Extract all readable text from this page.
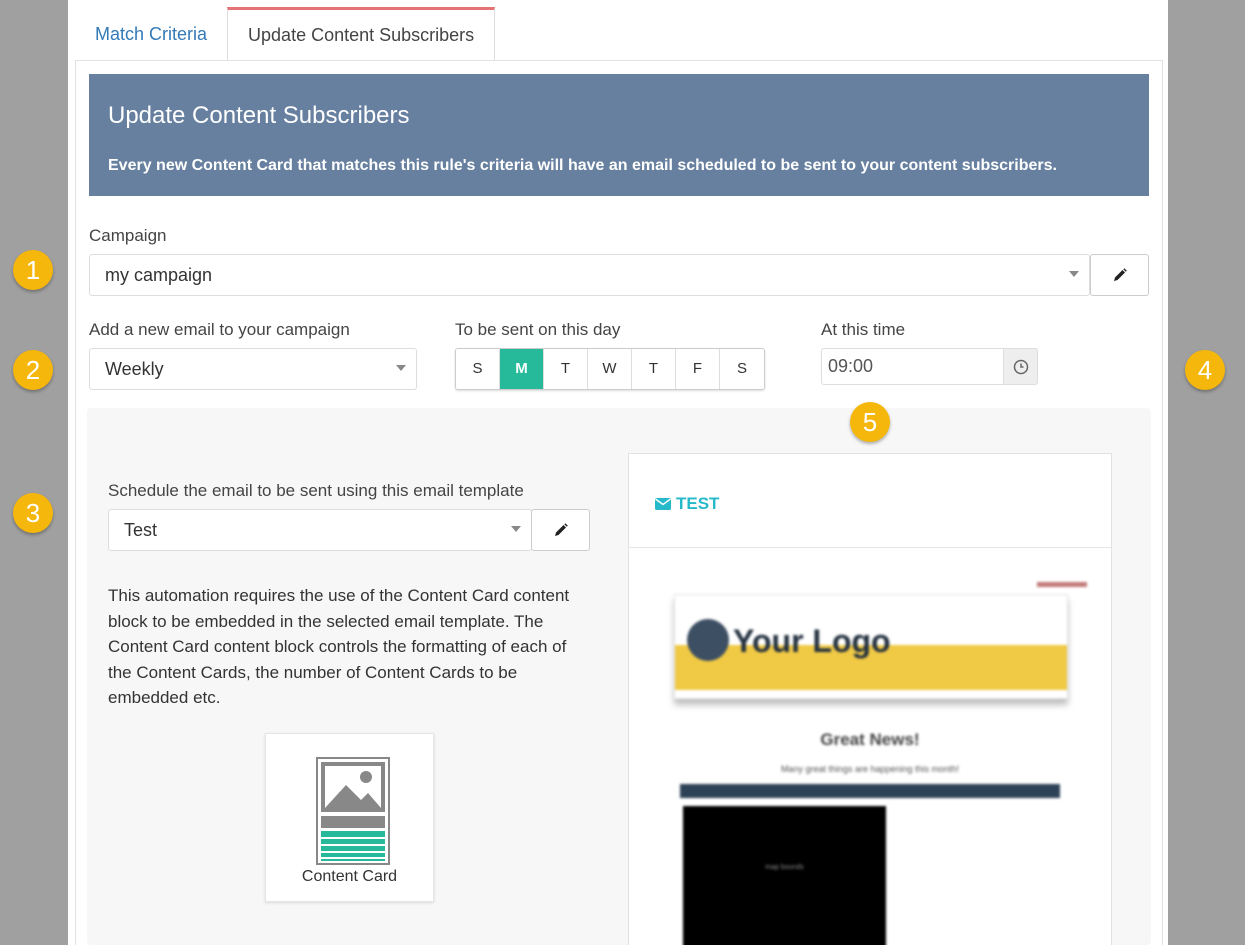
Match Criteria	Update Content Subscribers
Update Content Subscribers
Every new Content Card that matches this rule's criteria will have an email scheduled to be sent to your content subscribers.
Campaign
my campaign
Add a new email to your campaign
Weekly
To be sent on this day
S	M	T	W	T	F	S
At this time
09:00
Schedule the email to be sent using this email template
Test
This automation requires the use of the Content Card content block to be embedded in the selected email template. The Content Card content block controls the formatting of each of the Content Cards, the number of Content Cards to be embedded etc.
Content Card
TEST
Your Logo
Great News!
Many great things are happening this month!
map bounds
1
2
3
4
5
